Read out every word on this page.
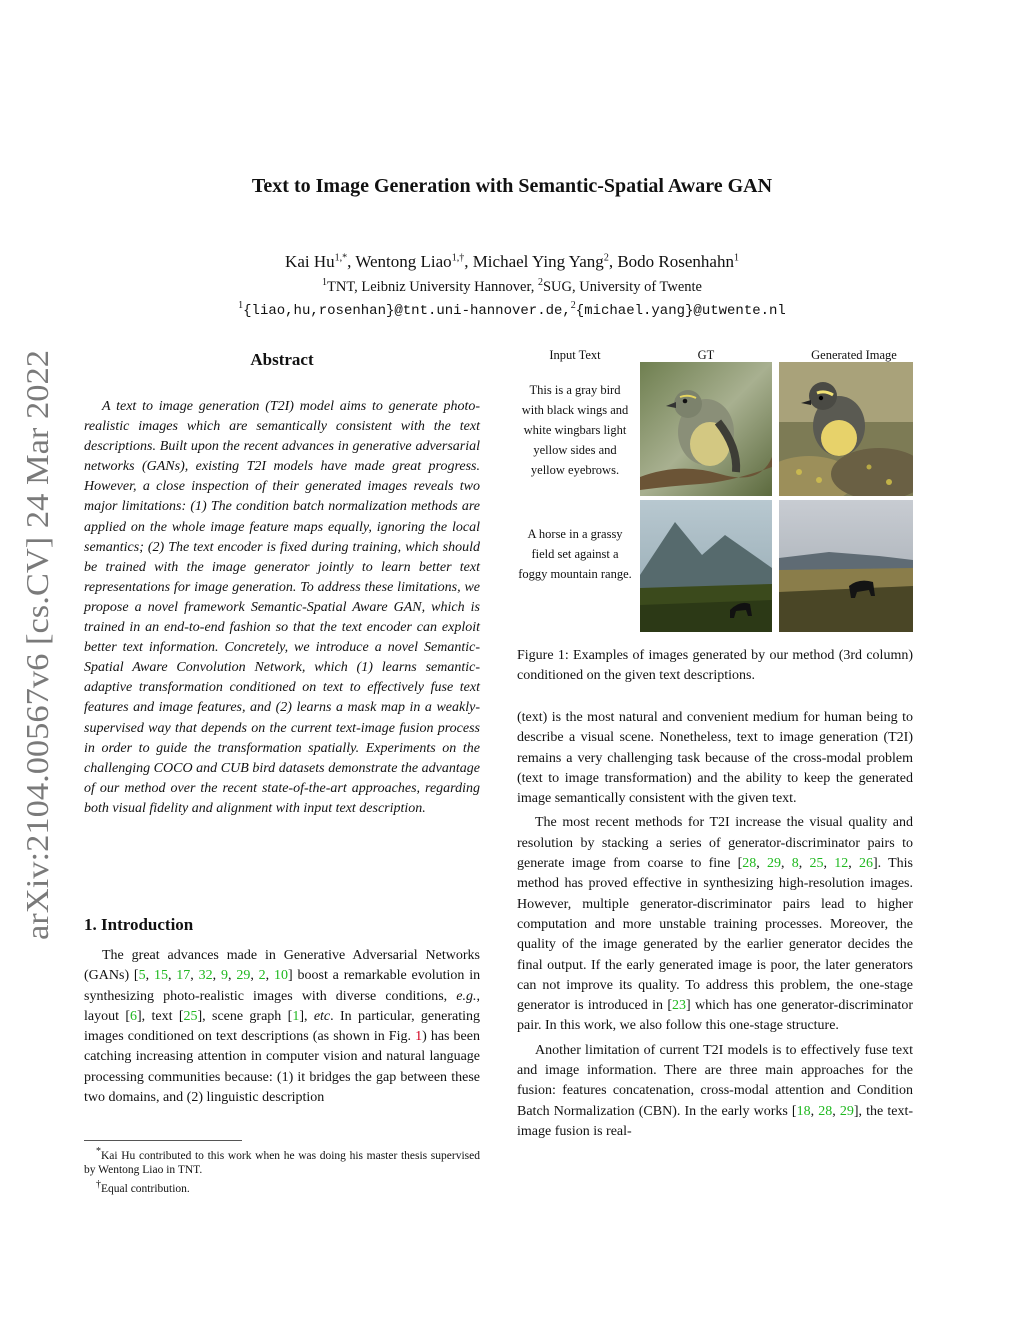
Text to Image Generation with Semantic-Spatial Aware GAN
Kai $Hu^{1,*}$, Wentong Liao$^{1,\dagger}$, Michael Ying Yang$^2$, Bodo Rosenhahn$^1$
$^1$TNT, Leibniz University Hannover, $^2$SUG, University of Twente
$^1${liao,hu,rosenhan}@tnt.uni-hannover.de,$^2${michael.yang}@utwente.nl
arXiv:2104.00567v6 [cs.CV] 24 Mar 2022
Abstract

A text to image generation (T2I) model aims to generate photo-realistic images which are semantically consistent with the text descriptions. Built upon the recent advances in generative adversarial networks (GANs), existing T2I models have made great progress. However, a close inspection of their generated images reveals two major limitations: (1) The condition batch normalization methods are applied on the whole image feature maps equally, ignoring the local semantics; (2) The text encoder is fixed during training, which should be trained with the image generator jointly to learn better text representations for image generation. To address these limitations, we propose a novel framework Semantic-Spatial Aware GAN, which is trained in an end-to-end fashion so that the text encoder can exploit better text information. Concretely, we introduce a novel Semantic-Spatial Aware Convolution Network, which (1) learns semantic-adaptive transformation conditioned on text to effectively fuse text features and image features, and (2) learns a mask map in a weakly-supervised way that depends on the current text-image fusion process in order to guide the transformation spatially. Experiments on the challenging COCO and CUB bird datasets demonstrate the advantage of our method over the recent state-of-the-art approaches, regarding both visual fidelity and alignment with input text description.

1. Introduction

The great advances made in Generative Adversarial Networks (GANs) [5, 15, 17, 32, 9, 29, 2, 10] boost a remarkable evolution in synthesizing photo-realistic images with diverse conditions, e.g., layout [6], text [25], scene graph [1], etc. In particular, generating images conditioned on text descriptions (as shown in Fig. 1) has been catching increasing attention in computer vision and natural language processing communities because: (1) it bridges the gap between these two domains, and (2) linguistic description

*Kai Hu contributed to this work when he was doing his master thesis supervised by Wentong Liao in TNT.
†Equal contribution.
Input Text	GT	Generated Image
This is a gray bird with black wings and white wingbars light yellow sides and yellow eyebrows.
A horse in a grassy field set against a foggy mountain range.
Figure 1: Examples of images generated by our method (3rd column) conditioned on the given text descriptions.

(text) is the most natural and convenient medium for human being to describe a visual scene. Nonetheless, text to image generation (T2I) remains a very challenging task because of the cross-modal problem (text to image transformation) and the ability to keep the generated image semantically consistent with the given text.

The most recent methods for T2I increase the visual quality and resolution by stacking a series of generator-discriminator pairs to generate image from coarse to fine [28, 29, 8, 25, 12, 26]. This method has proved effective in synthesizing high-resolution images. However, multiple generator-discriminator pairs lead to higher computation and more unstable training processes. Moreover, the quality of the image generated by the earlier generator decides the final output. If the early generated image is poor, the later generators can not improve its quality. To address this problem, the one-stage generator is introduced in [23] which has one generator-discriminator pair. In this work, we also follow this one-stage structure.

Another limitation of current T2I models is to effectively fuse text and image information. There are three main approaches for the fusion: features concatenation, cross-modal attention and Condition Batch Normalization (CBN). In the early works [18, 28, 29], the text-image fusion is real-
